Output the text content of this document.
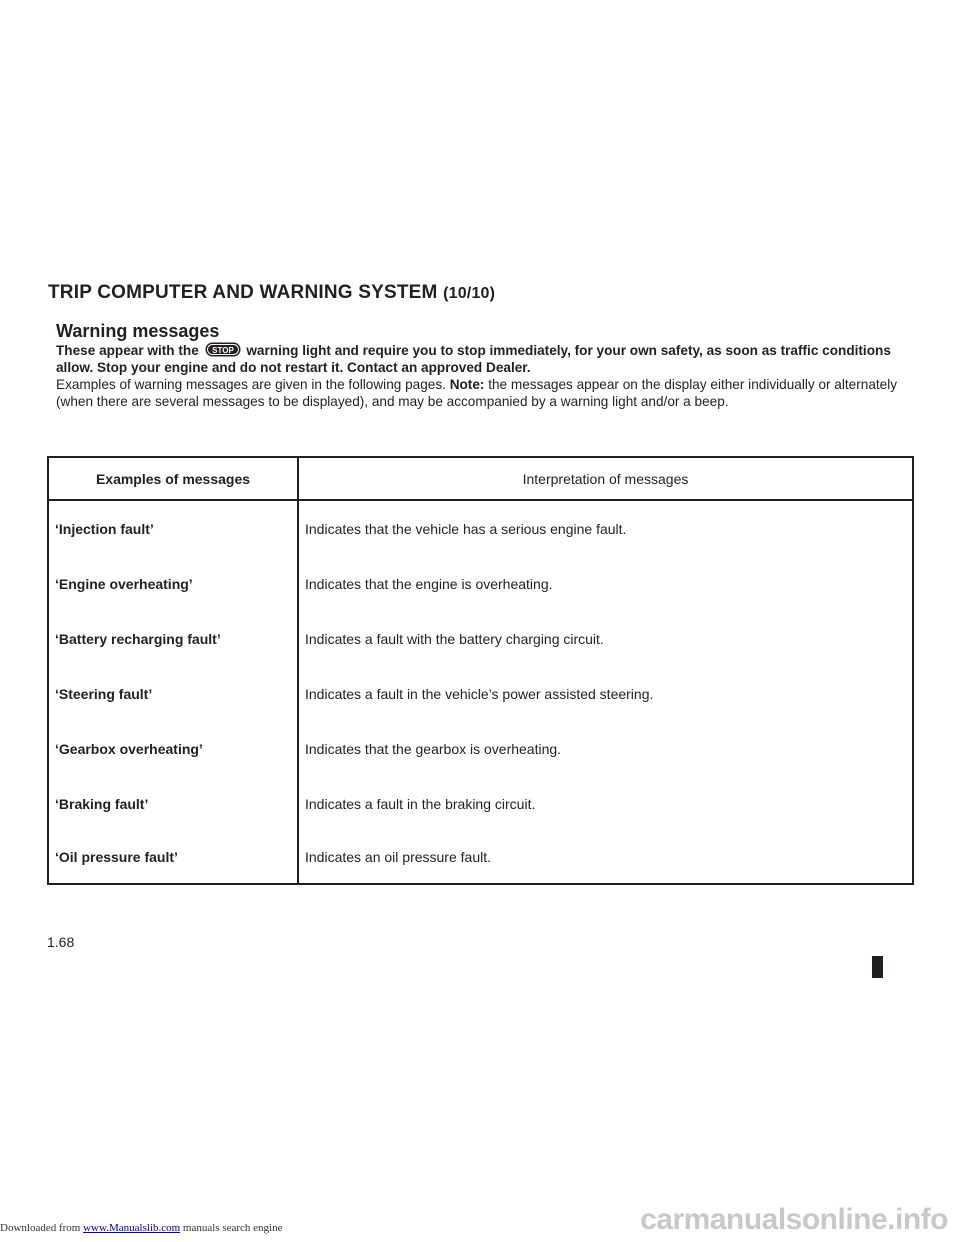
TRIP COMPUTER AND WARNING SYSTEM (10/10)
Warning messages

These appear with the STOP warning light and require you to stop immediately, for your own safety, as soon as traffic conditions allow. Stop your engine and do not restart it. Contact an approved Dealer.

Examples of warning messages are given in the following pages. Note: the messages appear on the display either individually or alternately (when there are several messages to be displayed), and may be accompanied by a warning light and/or a beep.

Examples of messages	Interpretation of messages
‘Injection fault’	Indicates that the vehicle has a serious engine fault.
‘Engine overheating’	Indicates that the engine is overheating.
‘Battery recharging fault’	Indicates a fault with the battery charging circuit.
‘Steering fault’	Indicates a fault in the vehicle’s power assisted steering.
‘Gearbox overheating’	Indicates that the gearbox is overheating.
‘Braking fault’	Indicates a fault in the braking circuit.
‘Oil pressure fault’	Indicates an oil pressure fault.
1.68
Downloaded from www.Manualslib.com manuals search engine	carmanualsonline.info
